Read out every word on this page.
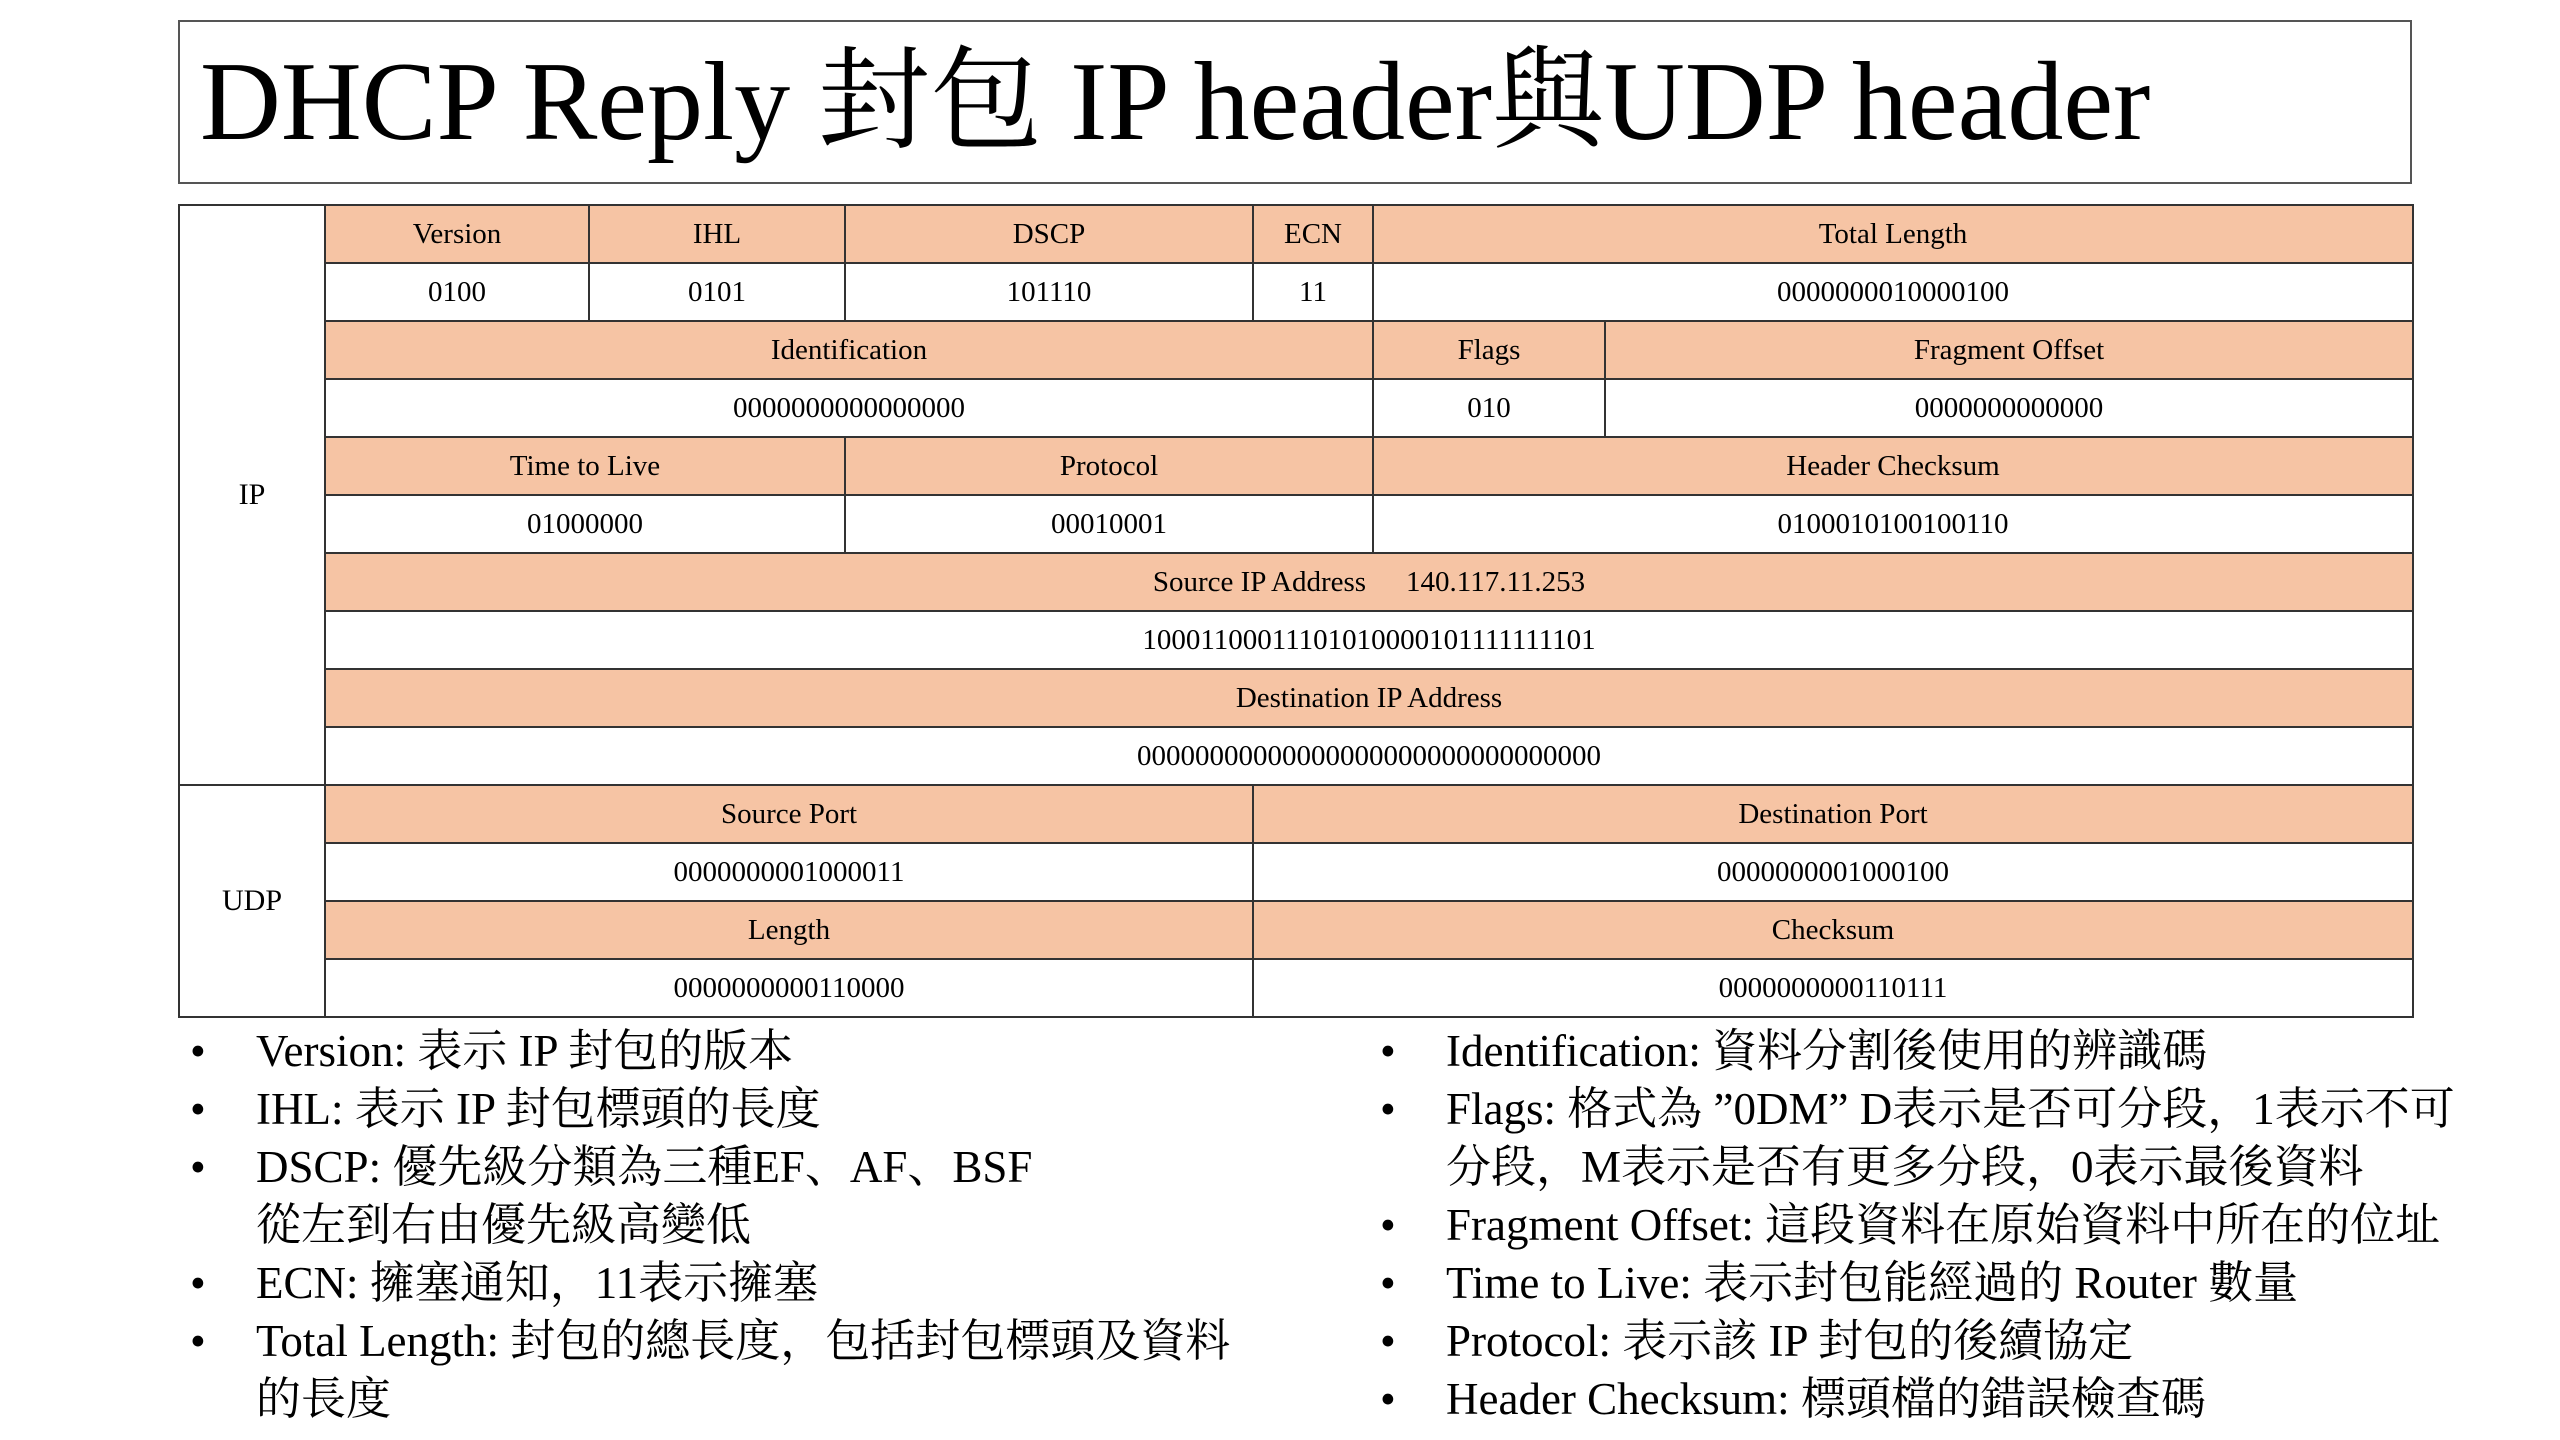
DHCP Reply 封包 IP header與UDP header
IP	Version	IHL	DSCP	ECN	Total Length	
	0100	0101	101110	11	0000000010000100	
	Identification				Flags	Fragment Offset
	0000000000000000				010	0000000000000
	Time to Live		Protocol		Header Checksum	
	01000000		00010001		0100010100100110	
	Source IP Address 140.117.11.253					
	10001100011101010000101111111101					
	Destination IP Address					
	00000000000000000000000000000000					
UDP	Source Port			Destination Port		
	0000000001000011			0000000001000100		
	Length			Checksum		
	0000000000110000			0000000000110111		
•	Version: 表示 IP 封包的版本
•	IHL: 表示 IP 封包標頭的長度
•	DSCP: 優先級分類為三種EF、AF、BSF
從左到右由優先級高變低
•	ECN: 擁塞通知，11表示擁塞
•	Total Length: 封包的總長度，包括封包標頭及資料
的長度
•	Identification: 資料分割後使用的辨識碼
•	Flags: 格式為 ”0DM” D表示是否可分段，1表示不可
分段，M表示是否有更多分段，0表示最後資料
•	Fragment Offset: 這段資料在原始資料中所在的位址
•	Time to Live: 表示封包能經過的 Router 數量
•	Protocol: 表示該 IP 封包的後續協定
•	Header Checksum: 標頭檔的錯誤檢查碼
